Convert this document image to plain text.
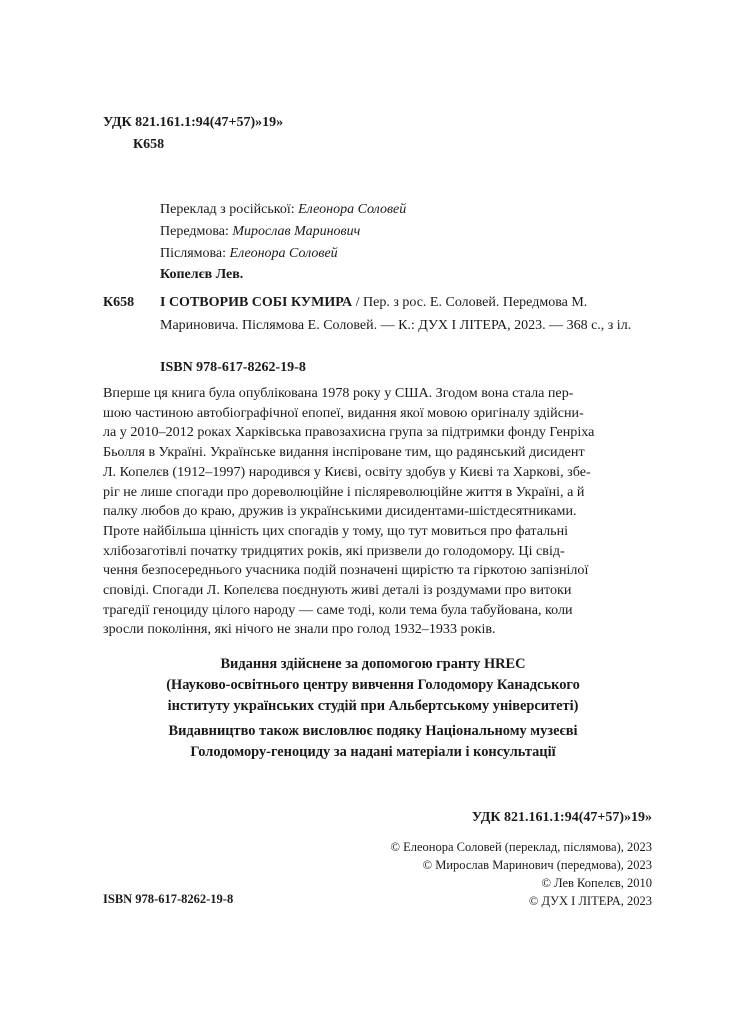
УДК 821.161.1:94(47+57)»19»
К658
Переклад з російської: Елеонора Соловей
Передмова: Мирослав Маринович
Післямова: Елеонора Соловей
Копелєв Лев.
К658 І СОТВОРИВ СОБІ КУМИРА / Пер. з рос. Е. Соловей. Передмова М. Мариновича. Післямова Е. Соловей. — К.: ДУХ І ЛІТЕРА, 2023. — 368 с., з іл.
ISBN 978-617-8262-19-8
Вперше ця книга була опублікована 1978 року у США. Згодом вона стала пер-
шою частиною автобіографічної епопеї, видання якої мовою оригіналу здійсни-
ла у 2010–2012 роках Харківська правозахисна група за підтримки фонду Генріха
Бьолля в Україні. Українське видання інспіроване тим, що радянський дисидент
Л. Копелєв (1912–1997) народився у Києві, освіту здобув у Києві та Харкові, збе-
ріг не лише спогади про дореволюційне і післяреволюційне життя в Україні, а й
палку любов до краю, дружив із українськими дисидентами-шістдесятниками.
Проте найбільша цінність цих спогадів у тому, що тут мовиться про фатальні
хлібозаготівлі початку тридцятих років, які призвели до голодомору. Ці свід-
чення безпосереднього учасника подій позначені щирістю та гіркотою запізнілої
сповіді. Спогади Л. Копелєва поєднують живі деталі із роздумами про витоки
трагедії геноциду цілого народу — саме тоді, коли тема була табуйована, коли
зросли покоління, які нічого не знали про голод 1932–1933 років.
Видання здійснене за допомогою гранту HREC
(Науково-освітнього центру вивчення Голодомору Канадського
інституту українських студій при Альбертському університеті)
Видавництво також висловлює подяку Національному музеєві
Голодомору-геноциду за надані матеріали і консультації
УДК 821.161.1:94(47+57)»19»
© Елеонора Соловей (переклад, післямова), 2023
© Мирослав Маринович (передмова), 2023
© Лев Копелєв, 2010
© ДУХ І ЛІТЕРА, 2023
ISBN 978-617-8262-19-8
